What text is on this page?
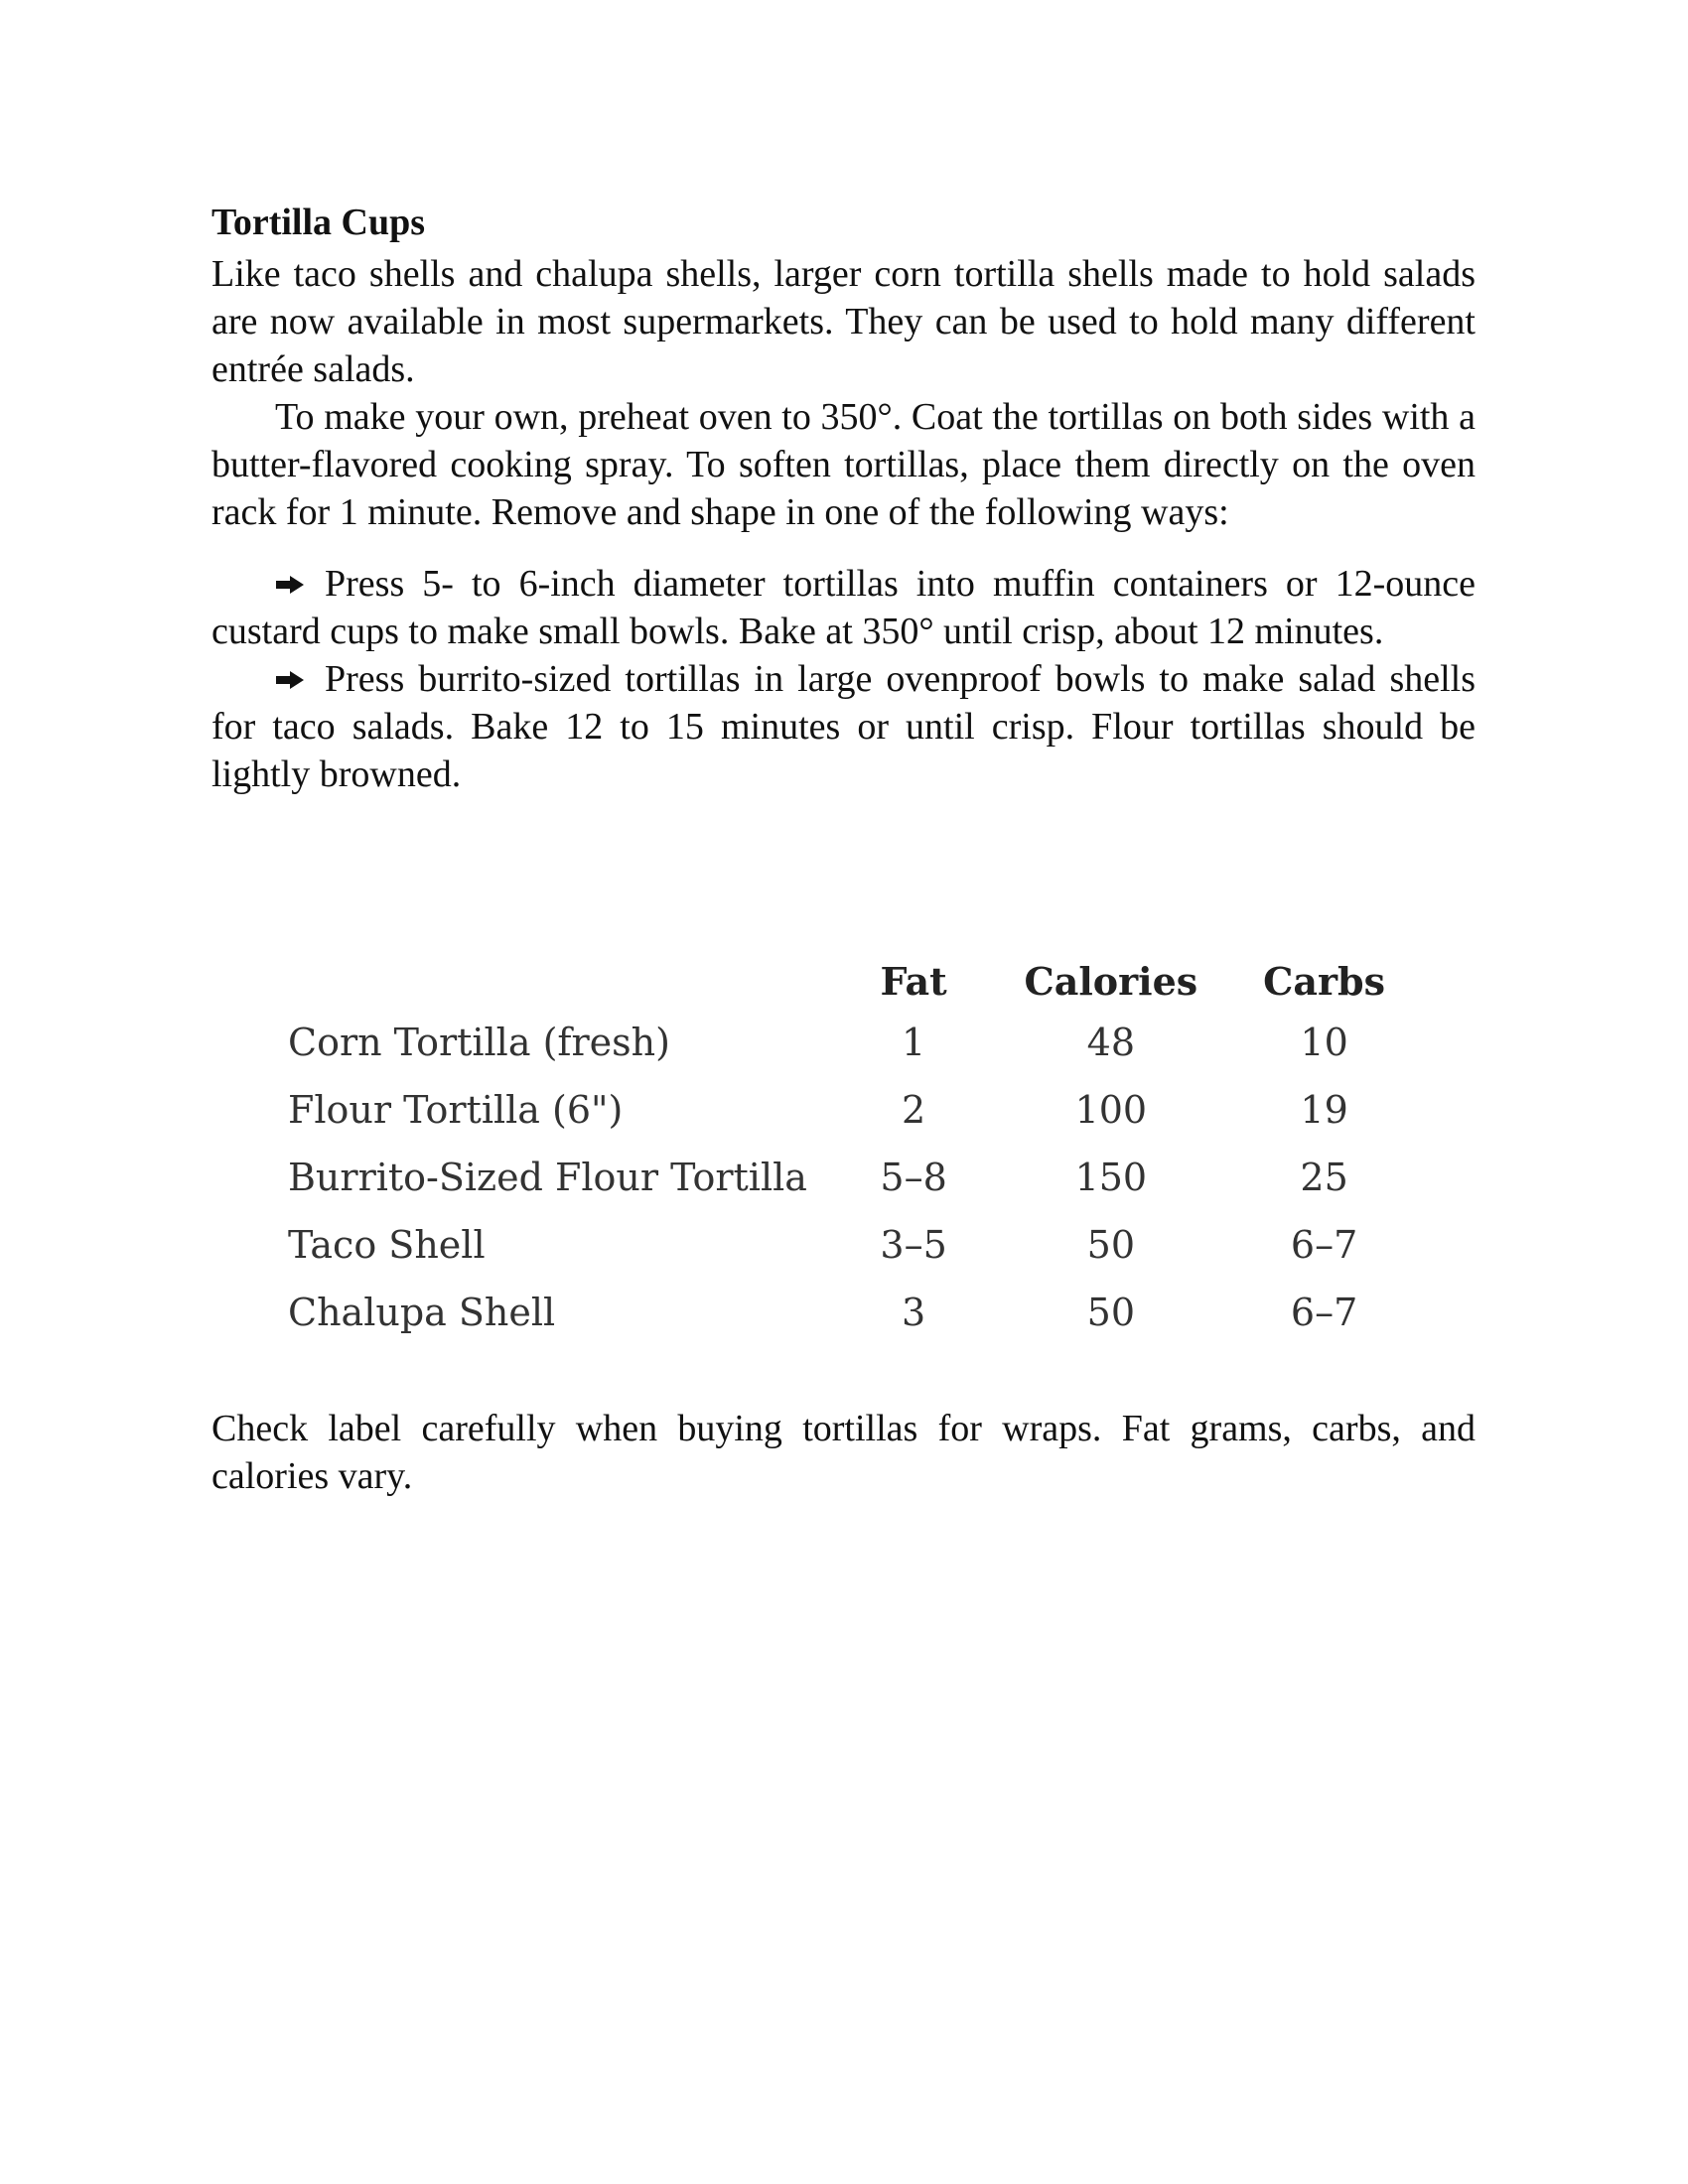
Tortilla Cups

Like taco shells and chalupa shells, larger corn tortilla shells made to hold salads are now available in most supermarkets. They can be used to hold many different entrée salads.

To make your own, preheat oven to 350°. Coat the tortillas on both sides with a butter-flavored cooking spray. To soften tortillas, place them directly on the oven rack for 1 minute. Remove and shape in one of the following ways:

Press 5- to 6-inch diameter tortillas into muffin containers or 12-ounce custard cups to make small bowls. Bake at 350° until crisp, about 12 minutes.

Press burrito-sized tortillas in large ovenproof bowls to make salad shells for taco salads. Bake 12 to 15 minutes or until crisp. Flour tortillas should be lightly browned.

	Fat	Calories	Carbs
Corn Tortilla (fresh)	1	48	10
Flour Tortilla (6")	2	100	19
Burrito-Sized Flour Tortilla	5–8	150	25
Taco Shell	3–5	50	6–7
Chalupa Shell	3	50	6–7

Check label carefully when buying tortillas for wraps. Fat grams, carbs, and calories vary.
